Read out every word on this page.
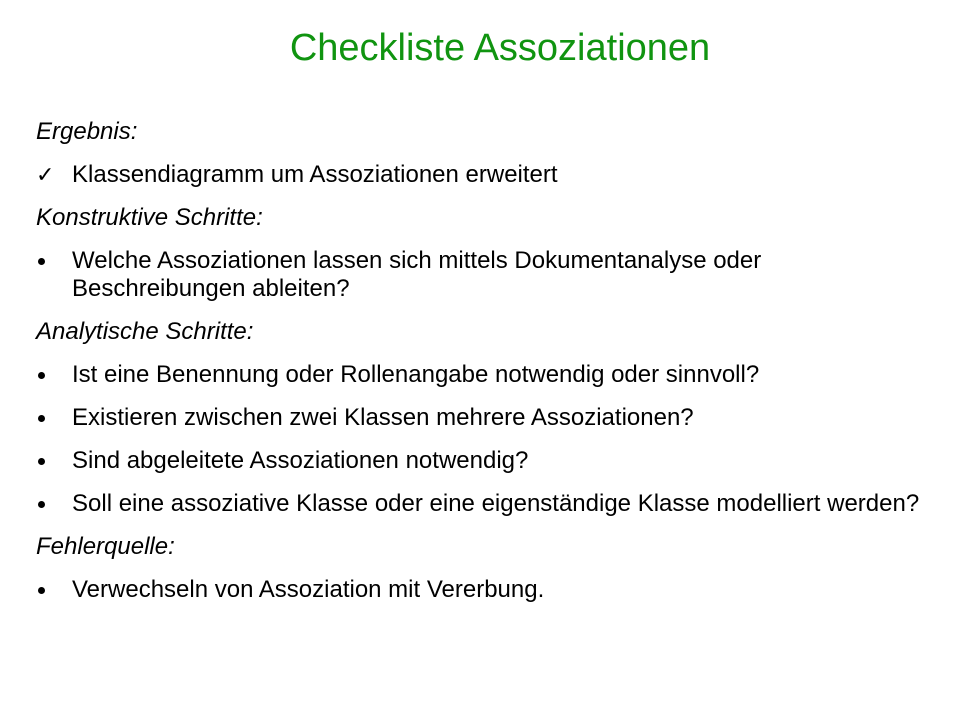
Checkliste Assoziationen
Ergebnis:
✓ Klassendiagramm um Assoziationen erweitert
Konstruktive Schritte:
Welche Assoziationen lassen sich mittels Dokumentanalyse oder Beschreibungen ableiten?
Analytische Schritte:
Ist eine Benennung oder Rollenangabe notwendig oder sinnvoll?
Existieren zwischen zwei Klassen mehrere Assoziationen?
Sind abgeleitete Assoziationen notwendig?
Soll eine assoziative Klasse oder eine eigenständige Klasse modelliert werden?
Fehlerquelle:
Verwechseln von Assoziation mit Vererbung.
